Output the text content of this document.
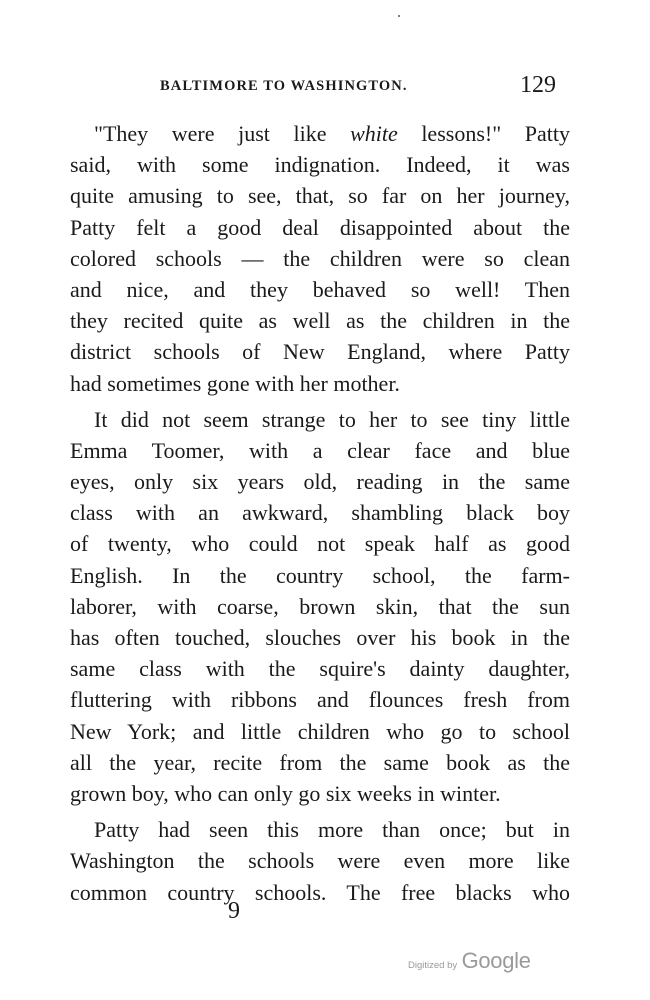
BALTIMORE TO WASHINGTON.	129
"They were just like white lessons!" Patty
said, with some indignation. Indeed, it was
quite amusing to see, that, so far on her journey,
Patty felt a good deal disappointed about the
colored schools — the children were so clean
and nice, and they behaved so well! Then
they recited quite as well as the children in the
district schools of New England, where Patty
had sometimes gone with her mother.
It did not seem strange to her to see tiny little
Emma Toomer, with a clear face and blue
eyes, only six years old, reading in the same
class with an awkward, shambling black boy
of twenty, who could not speak half as good
English. In the country school, the farm-
laborer, with coarse, brown skin, that the sun
has often touched, slouches over his book in the
same class with the squire's dainty daughter,
fluttering with ribbons and flounces fresh from
New York; and little children who go to school
all the year, recite from the same book as the
grown boy, who can only go six weeks in winter.
Patty had seen this more than once; but in
Washington the schools were even more like
common country schools. The free blacks who
9
Digitized by Google
